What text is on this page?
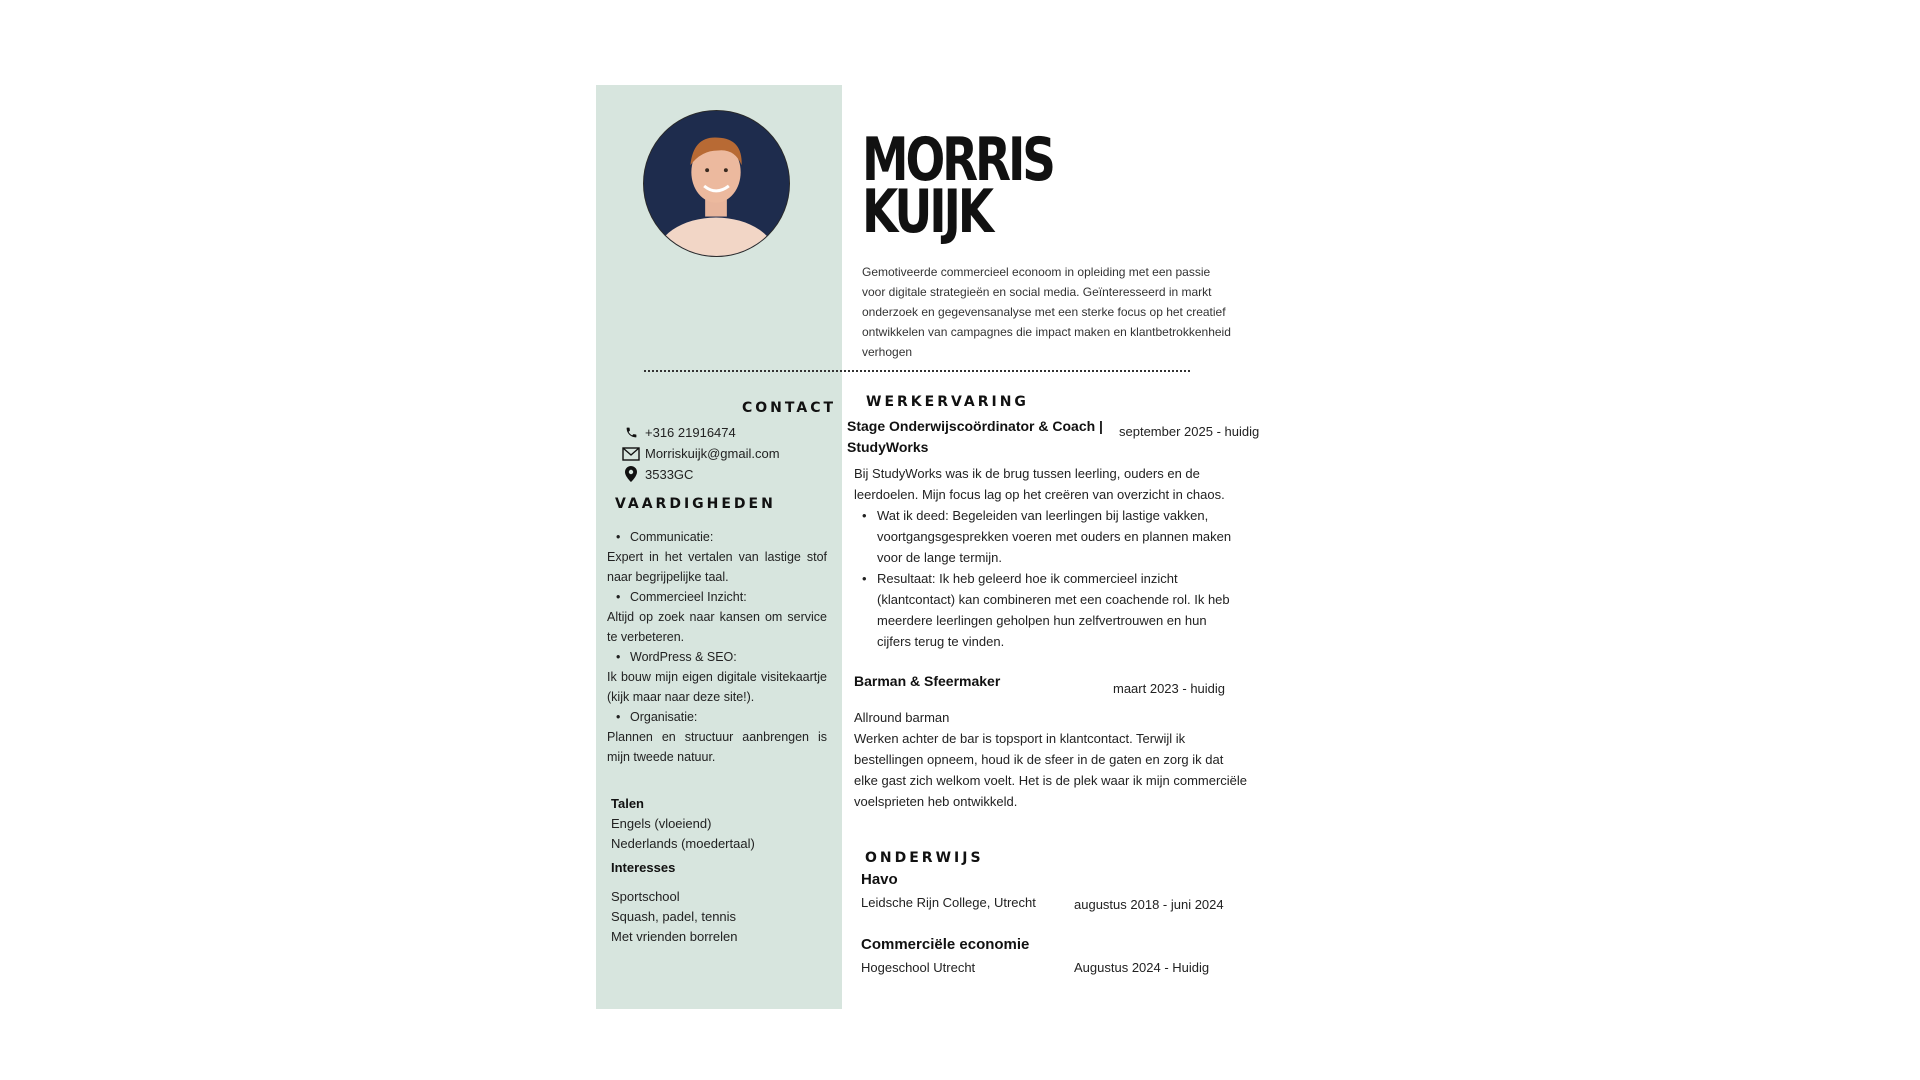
MORRIS
KUIJK
Gemotiveerde commercieel econoom in opleiding met een passie voor digitale strategieën en social media. Geïnteresseerd in markt onderzoek en gegevensanalyse met een sterke focus op het creatief ontwikkelen van campagnes die impact maken en klantbetrokkenheid verhogen
CONTACT
+316 21916474
Morriskuijk@gmail.com
3533GC
VAARDIGHEDEN
• Communicatie:
Expert in het vertalen van lastige stof naar begrijpelijke taal.
• Commercieel Inzicht:
Altijd op zoek naar kansen om service te verbeteren.
• WordPress & SEO:
Ik bouw mijn eigen digitale visitekaartje (kijk maar naar deze site!).
• Organisatie:
Plannen en structuur aanbrengen is mijn tweede natuur.
Talen
Engels (vloeiend)
Nederlands (moedertaal)
Interesses
Sportschool
Squash, padel, tennis
Met vrienden borrelen
WERKERVARING
Stage Onderwijscoördinator & Coach |
StudyWorks
september 2025 - huidig
Bij StudyWorks was ik de brug tussen leerling, ouders en de leerdoelen. Mijn focus lag op het creëren van overzicht in chaos.
• Wat ik deed: Begeleiden van leerlingen bij lastige vakken, voortgangsgesprekken voeren met ouders en plannen maken voor de lange termijn.
• Resultaat: Ik heb geleerd hoe ik commercieel inzicht (klantcontact) kan combineren met een coachende rol. Ik heb meerdere leerlingen geholpen hun zelfvertrouwen en hun cijfers terug te vinden.
Barman & Sfeermaker	maart 2023 - huidig
Allround barman
Werken achter de bar is topsport in klantcontact. Terwijl ik bestellingen opneem, houd ik de sfeer in de gaten en zorg ik dat elke gast zich welkom voelt. Het is de plek waar ik mijn commerciële voelsprieten heb ontwikkeld.
ONDERWIJS
Havo
Leidsche Rijn College, Utrecht	augustus 2018 - juni 2024
Commerciële economie
Hogeschool Utrecht	Augustus 2024 - Huidig
